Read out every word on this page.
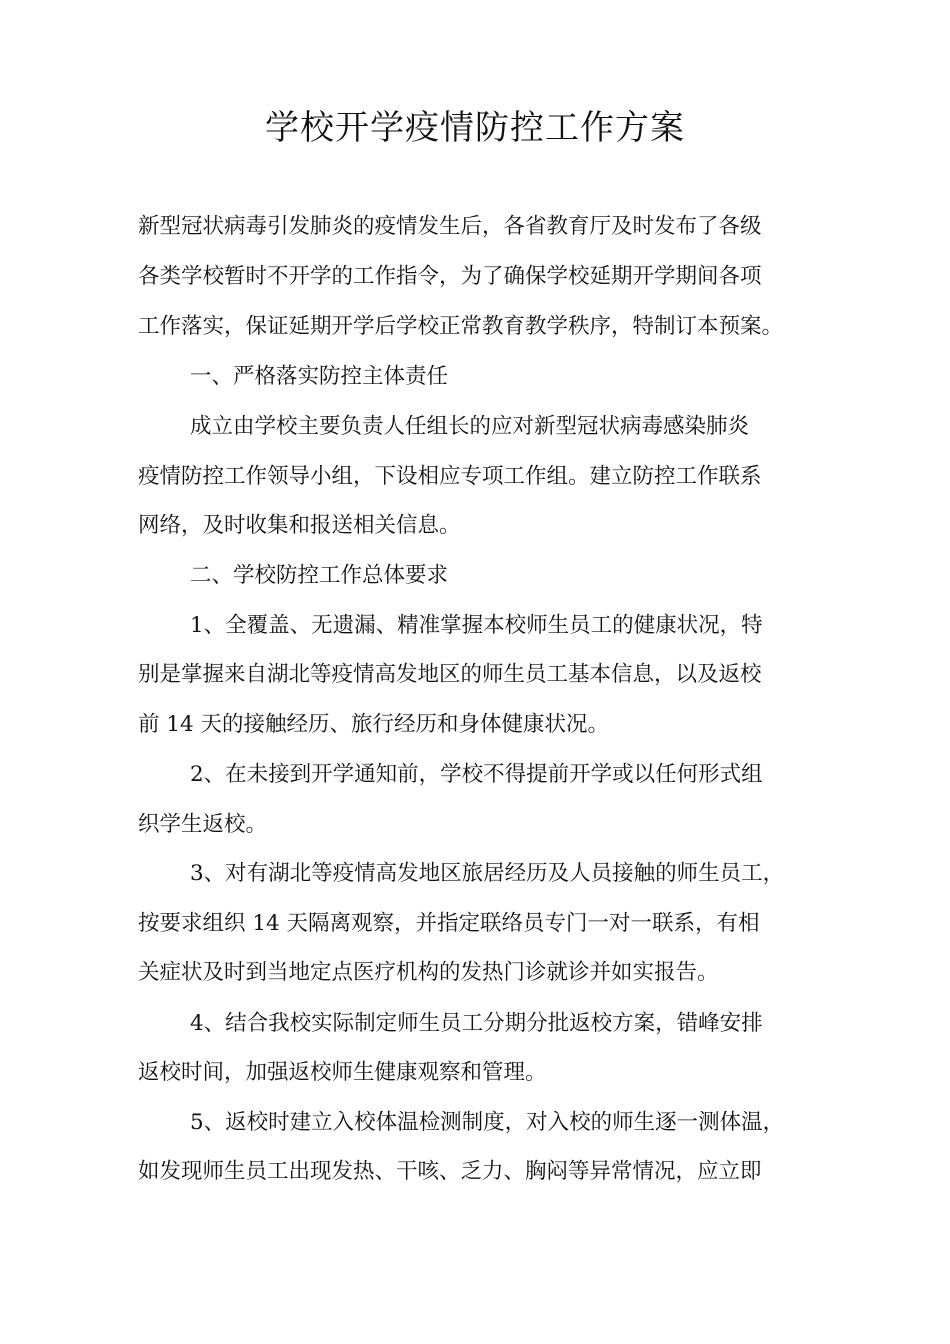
学校开学疫情防控工作方案
新型冠状病毒引发肺炎的疫情发生后，各省教育厅及时发布了各级
各类学校暂时不开学的工作指令，为了确保学校延期开学期间各项
工作落实，保证延期开学后学校正常教育教学秩序，特制订本预案。
一、严格落实防控主体责任
成立由学校主要负责人任组长的应对新型冠状病毒感染肺炎
疫情防控工作领导小组，下设相应专项工作组。建立防控工作联系
网络，及时收集和报送相关信息。
二、学校防控工作总体要求
1、全覆盖、无遗漏、精准掌握本校师生员工的健康状况，特
别是掌握来自湖北等疫情高发地区的师生员工基本信息，以及返校
前 14 天的接触经历、旅行经历和身体健康状况。
2、在未接到开学通知前，学校不得提前开学或以任何形式组
织学生返校。
3、对有湖北等疫情高发地区旅居经历及人员接触的师生员工，
按要求组织 14 天隔离观察，并指定联络员专门一对一联系，有相
关症状及时到当地定点医疗机构的发热门诊就诊并如实报告。
4、结合我校实际制定师生员工分期分批返校方案，错峰安排
返校时间，加强返校师生健康观察和管理。
5、返校时建立入校体温检测制度，对入校的师生逐一测体温，
如发现师生员工出现发热、干咳、乏力、胸闷等异常情况，应立即
